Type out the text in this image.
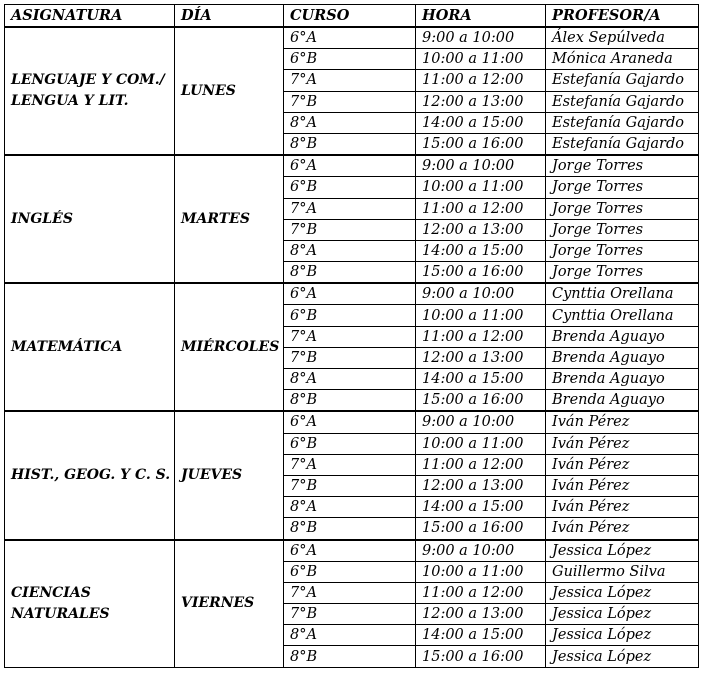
ASIGNATURA	DÍA	CURSO	HORA	PROFESOR/A

LENGUAJE Y COM./
LENGUA Y LIT.	LUNES	6°A	9:00 a 10:00	Álex Sepúlveda
		6°B	10:00 a 11:00	Mónica Araneda
		7°A	11:00 a 12:00	Estefanía Gajardo
		7°B	12:00 a 13:00	Estefanía Gajardo
		8°A	14:00 a 15:00	Estefanía Gajardo
		8°B	15:00 a 16:00	Estefanía Gajardo

INGLÉS	MARTES	6°A	9:00 a 10:00	Jorge Torres
		6°B	10:00 a 11:00	Jorge Torres
		7°A	11:00 a 12:00	Jorge Torres
		7°B	12:00 a 13:00	Jorge Torres
		8°A	14:00 a 15:00	Jorge Torres
		8°B	15:00 a 16:00	Jorge Torres

MATEMÁTICA	MIÉRCOLES	6°A	9:00 a 10:00	Cynttia Orellana
		6°B	10:00 a 11:00	Cynttia Orellana
		7°A	11:00 a 12:00	Brenda Aguayo
		7°B	12:00 a 13:00	Brenda Aguayo
		8°A	14:00 a 15:00	Brenda Aguayo
		8°B	15:00 a 16:00	Brenda Aguayo

HIST., GEOG. Y C. S.	JUEVES	6°A	9:00 a 10:00	Iván Pérez
		6°B	10:00 a 11:00	Iván Pérez
		7°A	11:00 a 12:00	Iván Pérez
		7°B	12:00 a 13:00	Iván Pérez
		8°A	14:00 a 15:00	Iván Pérez
		8°B	15:00 a 16:00	Iván Pérez

CIENCIAS
NATURALES	VIERNES	6°A	9:00 a 10:00	Jessica López
		6°B	10:00 a 11:00	Guillermo Silva
		7°A	11:00 a 12:00	Jessica López
		7°B	12:00 a 13:00	Jessica López
		8°A	14:00 a 15:00	Jessica López
		8°B	15:00 a 16:00	Jessica López
